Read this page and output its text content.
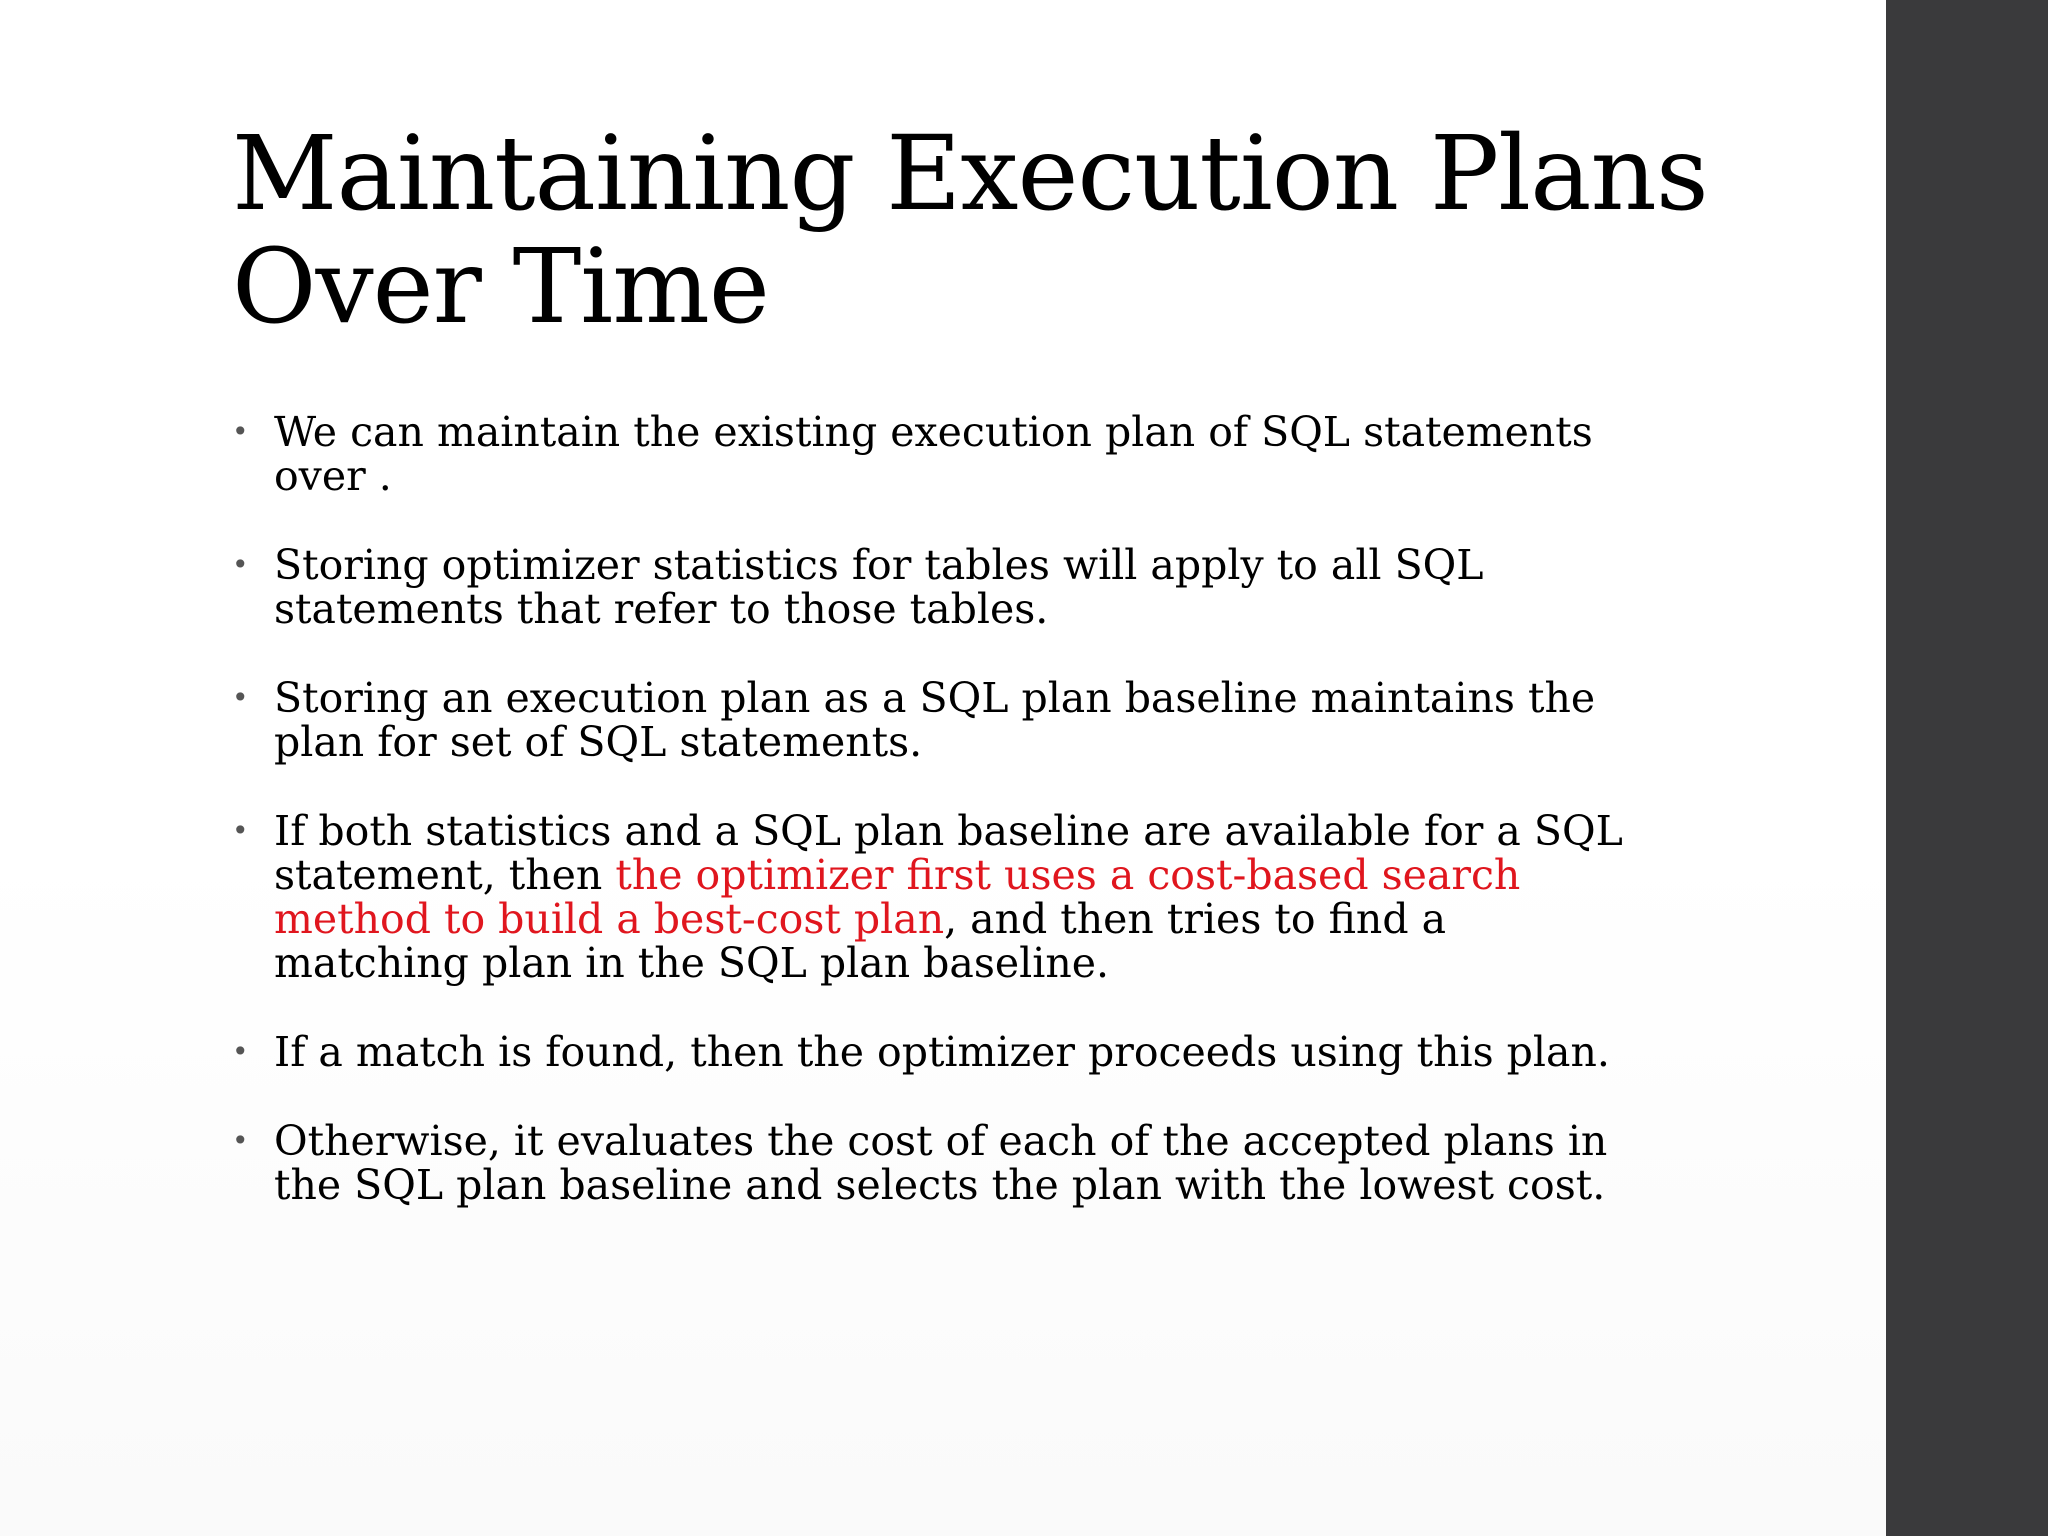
Maintaining Execution Plans
Over Time
• We can maintain the existing execution plan of SQL statements over .
• Storing optimizer statistics for tables will apply to all SQL statements that refer to those tables.
• Storing an execution plan as a SQL plan baseline maintains the plan for set of SQL statements.
• If both statistics and a SQL plan baseline are available for a SQL statement, then the optimizer first uses a cost-based search method to build a best-cost plan, and then tries to find a matching plan in the SQL plan baseline.
• If a match is found, then the optimizer proceeds using this plan.
• Otherwise, it evaluates the cost of each of the accepted plans in the SQL plan baseline and selects the plan with the lowest cost.
